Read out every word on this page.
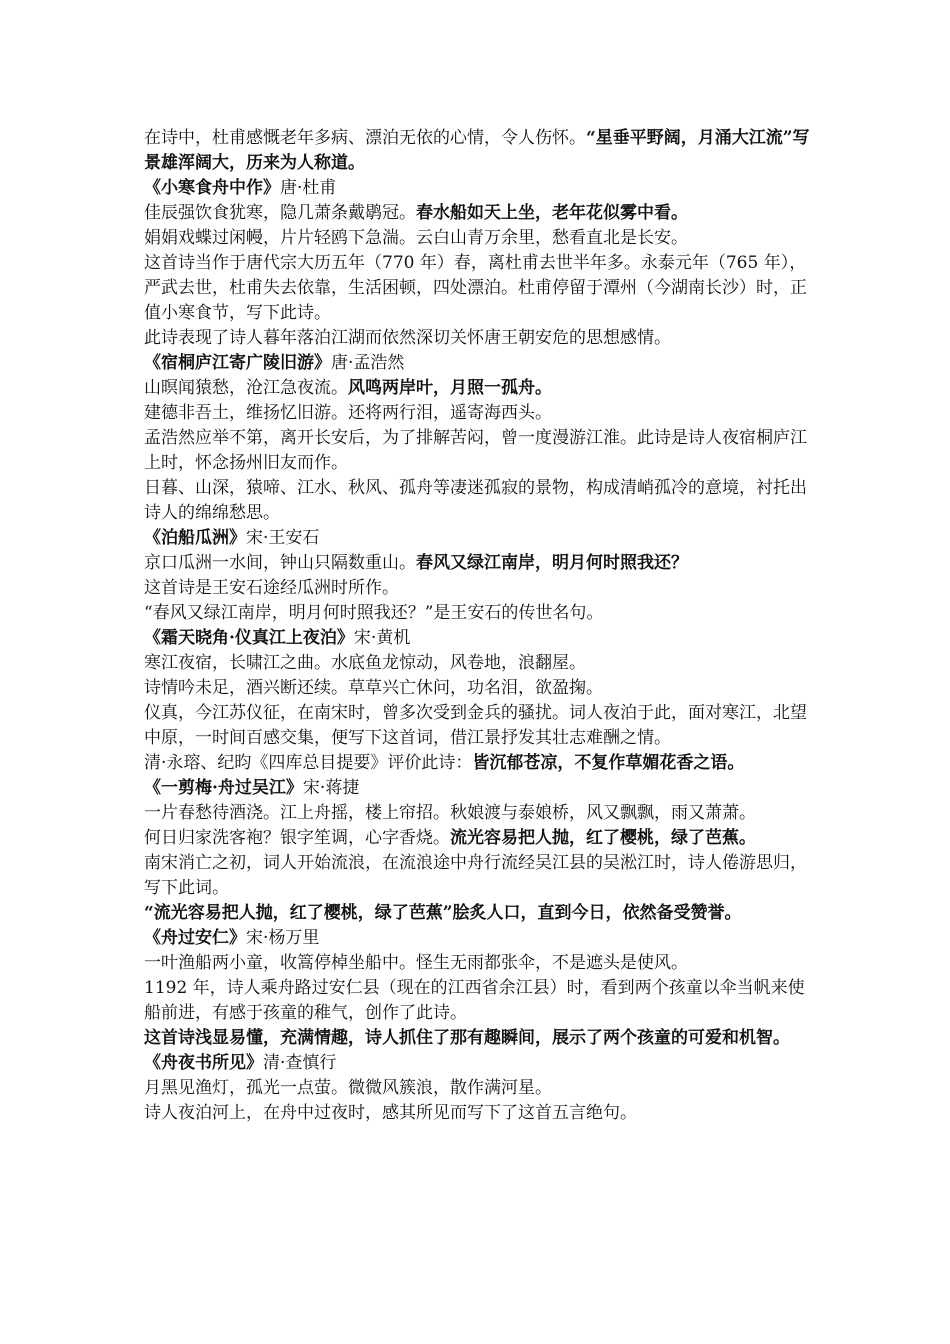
在诗中，杜甫感慨老年多病、漂泊无依的心情，令人伤怀。“星垂平野阔，月涌大江流”写景雄浑阔大，历来为人称道。

《小寒食舟中作》唐·杜甫

佳辰强饮食犹寒，隐几萧条戴鹖冠。春水船如天上坐，老年花似雾中看。

娟娟戏蝶过闲幔，片片轻鸥下急湍。云白山青万余里，愁看直北是长安。

这首诗当作于唐代宗大历五年（770 年）春，离杜甫去世半年多。永泰元年（765 年），严武去世，杜甫失去依靠，生活困顿，四处漂泊。杜甫停留于潭州（今湖南长沙）时，正值小寒食节，写下此诗。

此诗表现了诗人暮年落泊江湖而依然深切关怀唐王朝安危的思想感情。

《宿桐庐江寄广陵旧游》唐·孟浩然

山暝闻猿愁，沧江急夜流。风鸣两岸叶，月照一孤舟。

建德非吾土，维扬忆旧游。还将两行泪，遥寄海西头。

孟浩然应举不第，离开长安后，为了排解苦闷，曾一度漫游江淮。此诗是诗人夜宿桐庐江上时，怀念扬州旧友而作。

日暮、山深，猿啼、江水、秋风、孤舟等凄迷孤寂的景物，构成清峭孤冷的意境，衬托出诗人的绵绵愁思。

《泊船瓜洲》宋·王安石

京口瓜洲一水间，钟山只隔数重山。春风又绿江南岸，明月何时照我还？

这首诗是王安石途经瓜洲时所作。

“春风又绿江南岸，明月何时照我还？”是王安石的传世名句。

《霜天晓角·仪真江上夜泊》宋·黄机

寒江夜宿，长啸江之曲。水底鱼龙惊动，风卷地，浪翻屋。

诗情吟未足，酒兴断还续。草草兴亡休问，功名泪，欲盈掬。

仪真，今江苏仪征，在南宋时，曾多次受到金兵的骚扰。词人夜泊于此，面对寒江，北望中原，一时间百感交集，便写下这首词，借江景抒发其壮志难酬之情。

清·永瑢、纪昀《四库总目提要》评价此诗：皆沉郁苍凉，不复作草媚花香之语。

《一剪梅·舟过吴江》宋·蒋捷

一片春愁待酒浇。江上舟摇，楼上帘招。秋娘渡与泰娘桥，风又飘飘，雨又萧萧。

何日归家洗客袍？银字笙调，心字香烧。流光容易把人抛，红了樱桃，绿了芭蕉。

南宋消亡之初，词人开始流浪，在流浪途中舟行流经吴江县的吴淞江时，诗人倦游思归，写下此词。

“流光容易把人抛，红了樱桃，绿了芭蕉”脍炙人口，直到今日，依然备受赞誉。

《舟过安仁》宋·杨万里

一叶渔船两小童，收篙停棹坐船中。怪生无雨都张伞，不是遮头是使风。

1192 年，诗人乘舟路过安仁县（现在的江西省余江县）时，看到两个孩童以伞当帆来使船前进，有感于孩童的稚气，创作了此诗。

这首诗浅显易懂，充满情趣，诗人抓住了那有趣瞬间，展示了两个孩童的可爱和机智。

《舟夜书所见》清·查慎行

月黑见渔灯，孤光一点萤。微微风簇浪，散作满河星。

诗人夜泊河上，在舟中过夜时，感其所见而写下了这首五言绝句。
